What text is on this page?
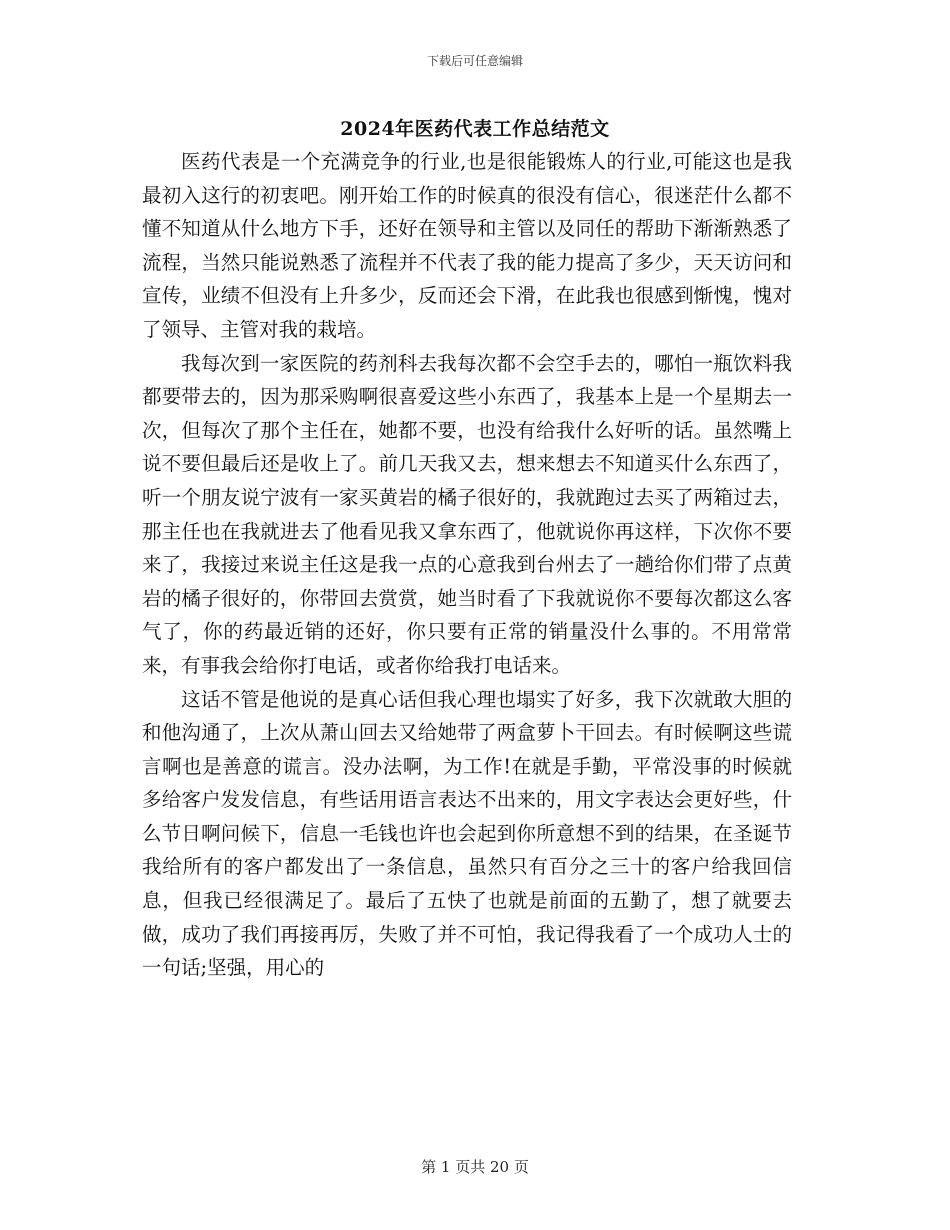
下载后可任意编辑
2024年医药代表工作总结范文

医药代表是一个充满竞争的行业,也是很能锻炼人的行业,可能这也是我最初入这行的初衷吧。刚开始工作的时候真的很没有信心，很迷茫什么都不懂不知道从什么地方下手，还好在领导和主管以及同任的帮助下渐渐熟悉了流程，当然只能说熟悉了流程并不代表了我的能力提高了多少，天天访问和宣传，业绩不但没有上升多少，反而还会下滑，在此我也很感到惭愧，愧对了领导、主管对我的栽培。

我每次到一家医院的药剂科去我每次都不会空手去的，哪怕一瓶饮料我都要带去的，因为那采购啊很喜爱这些小东西了，我基本上是一个星期去一次，但每次了那个主任在，她都不要，也没有给我什么好听的话。虽然嘴上说不要但最后还是收上了。前几天我又去，想来想去不知道买什么东西了，听一个朋友说宁波有一家买黄岩的橘子很好的，我就跑过去买了两箱过去，那主任也在我就进去了他看见我又拿东西了，他就说你再这样，下次你不要来了，我接过来说主任这是我一点的心意我到台州去了一趟给你们带了点黄岩的橘子很好的，你带回去赏赏，她当时看了下我就说你不要每次都这么客气了，你的药最近销的还好，你只要有正常的销量没什么事的。不用常常来，有事我会给你打电话，或者你给我打电话来。

这话不管是他说的是真心话但我心理也塌实了好多，我下次就敢大胆的和他沟通了，上次从萧山回去又给她带了两盒萝卜干回去。有时候啊这些谎言啊也是善意的谎言。没办法啊，为工作!在就是手勤，平常没事的时候就多给客户发发信息，有些话用语言表达不出来的，用文字表达会更好些，什么节日啊问候下，信息一毛钱也许也会起到你所意想不到的结果，在圣诞节我给所有的客户都发出了一条信息，虽然只有百分之三十的客户给我回信息，但我已经很满足了。最后了五快了也就是前面的五勤了，想了就要去做，成功了我们再接再厉，失败了并不可怕，我记得我看了一个成功人士的一句话;坚强，用心的

第 1 页共 20 页
